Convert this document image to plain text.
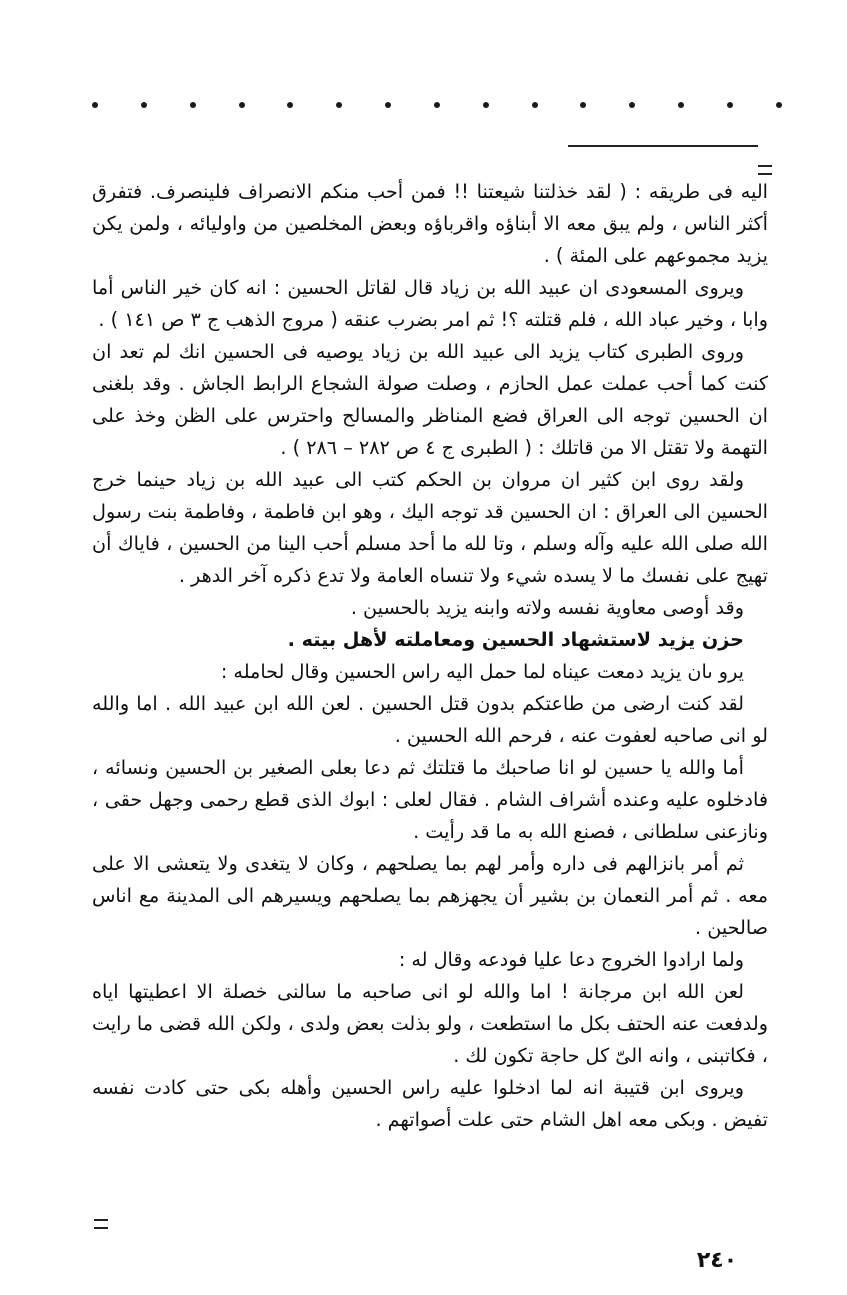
اليه فى طريقه : ( لقد خذلتنا شيعتنا !! فمن أحب منكم الانصراف فلينصرف. فتفرق أكثر الناس ، ولم يبق معه الا أبناؤه واقرباؤه وبعض المخلصين من واوليائه ، ولمن يكن يزيد مجموعهم على المئة ) .

ويروى المسعودى ان عبيد الله بن زياد قال لقاتل الحسين : انه كان خير الناس أما وابا ، وخير عباد الله ، فلم قتلته ؟! ثم امر بضرب عنقه ( مروج الذهب ج ٣ ص ١٤١ ) .

وروى الطبرى كتاب يزيد الى عبيد الله بن زياد يوصيه فى الحسين انك لم تعد ان كنت كما أحب عملت عمل الحازم ، وصلت صولة الشجاع الرابط الجاش . وقد بلغنى ان الحسين توجه الى العراق فضع المناظر والمسالح واحترس على الظن وخذ على التهمة ولا تقتل الا من قاتلك : ( الطبرى ج ٤ ص ٢٨٢ – ٢٨٦ ) .

ولقد روى ابن كثير ان مروان بن الحكم كتب الى عبيد الله بن زياد حينما خرج الحسين الى العراق : ان الحسين قد توجه اليك ، وهو ابن فاطمة ، وفاطمة بنت رسول الله صلى الله عليه وآله وسلم ، وتا لله ما أحد مسلم أحب الينا من الحسين ، فاياك أن تهيج على نفسك ما لا يسده شيء ولا تنساه العامة ولا تدع ذكره آخر الدهر .

وقد أوصى معاوية نفسه ولاته وابنه يزيد بالحسين .

حزن يزيد لاستشهاد الحسين ومعاملته لأهل بيته .

يرو ىان يزيد دمعت عيناه لما حمل اليه راس الحسين وقال لحامله :

لقد كنت ارضى من طاعتكم بدون قتل الحسين . لعن الله ابن عبيد الله . اما والله لو انى صاحبه لعفوت عنه ، فرحم الله الحسين .

أما والله يا حسين لو انا صاحبك ما قتلتك ثم دعا بعلى الصغير بن الحسين ونسائه ، فادخلوه عليه وعنده أشراف الشام . فقال لعلى : ابوك الذى قطع رحمى وجهل حقى ، ونازعنى سلطانى ، فصنع الله به ما قد رأيت .

ثم أمر بانزالهم فى داره وأمر لهم بما يصلحهم ، وكان لا يتغدى ولا يتعشى الا على معه . ثم أمر النعمان بن بشير أن يجهزهم بما يصلحهم ويسيرهم الى المدينة مع اناس صالحين .

ولما ارادوا الخروج دعا عليا فودعه وقال له :

لعن الله ابن مرجانة ! اما والله لو انى صاحبه ما سالنى خصلة الا اعطيتها اياه ولدفعت عنه الحتف بكل ما استطعت ، ولو بذلت بعض ولدى ، ولكن الله قضى ما رايت ، فكاتبنى ، وانه الىّ كل حاجة تكون لك .

ويروى ابن قتيبة انه لما ادخلوا عليه راس الحسين وأهله بكى حتى كادت نفسه تفيض . وبكى معه اهل الشام حتى علت أصواتهم .

٢٤٠
